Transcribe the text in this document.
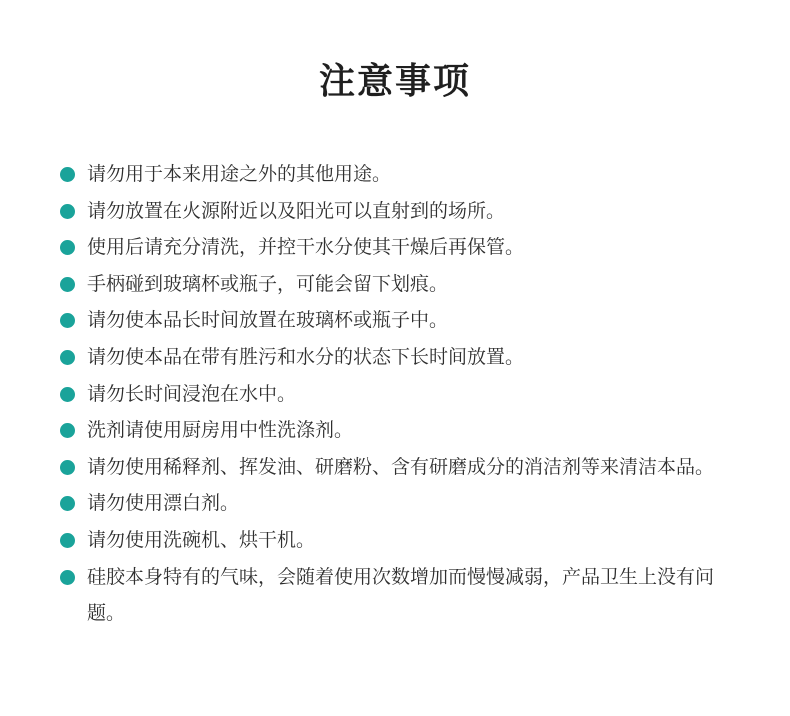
注意事项
请勿用于本来用途之外的其他用途。
请勿放置在火源附近以及阳光可以直射到的场所。
使用后请充分清洗，并控干水分使其干燥后再保管。
手柄碰到玻璃杯或瓶子，可能会留下划痕。
请勿使本品长时间放置在玻璃杯或瓶子中。
请勿使本品在带有胜污和水分的状态下长时间放置。
请勿长时间浸泡在水中。
洗剂请使用厨房用中性洗涤剂。
请勿使用稀释剂、挥发油、研磨粉、含有研磨成分的消洁剂等来清洁本品。
请勿使用漂白剂。
请勿使用洗碗机、烘干机。
硅胶本身特有的气味，会随着使用次数增加而慢慢减弱，产品卫生上没有问题。
